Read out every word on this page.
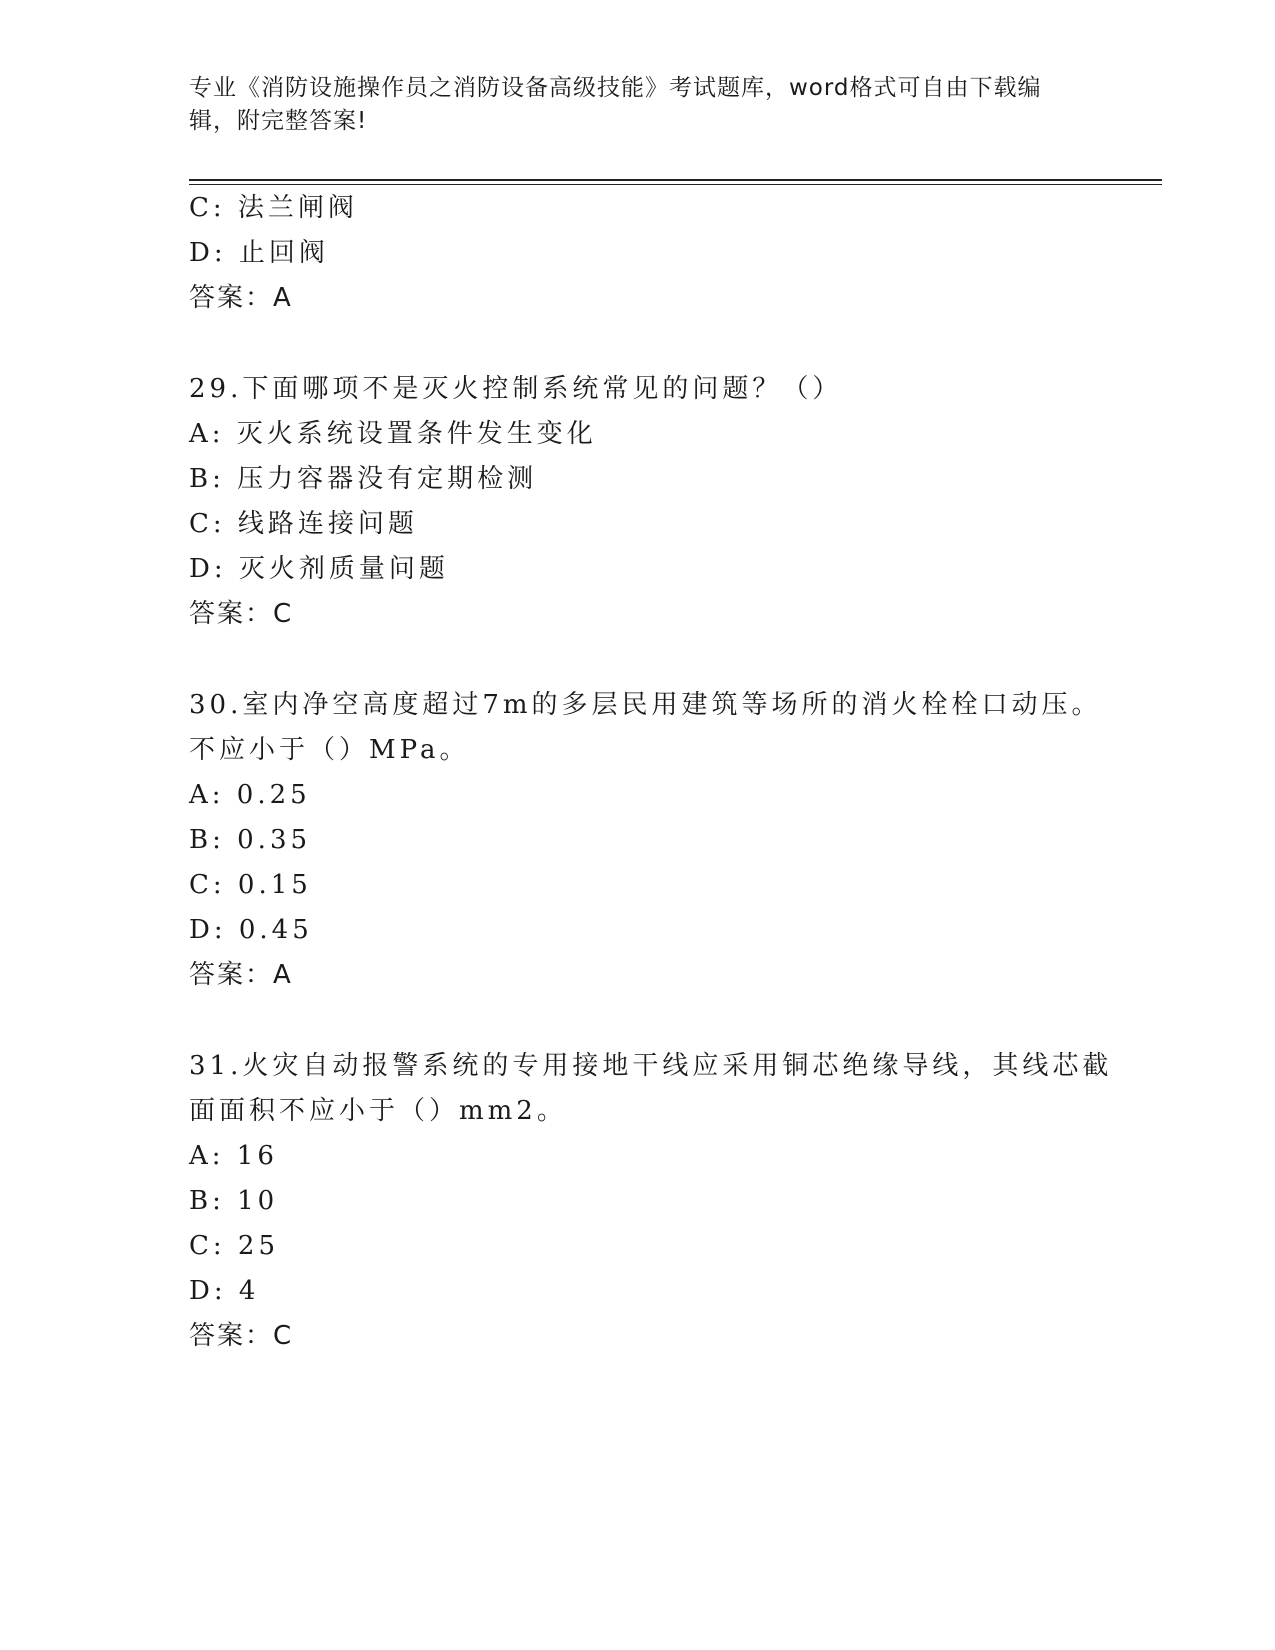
专业《消防设施操作员之消防设备高级技能》考试题库，word格式可自由下载编
辑，附完整答案!
C: 法兰闸阀
D: 止回阀
答案：A
29.下面哪项不是灭火控制系统常见的问题？（）
A: 灭火系统设置条件发生变化
B: 压力容器没有定期检测
C: 线路连接问题
D: 灭火剂质量问题
答案：C
30.室内净空高度超过7m的多层民用建筑等场所的消火栓栓口动压。
不应小于（）MPa。
A: 0.25
B: 0.35
C: 0.15
D: 0.45
答案：A
31.火灾自动报警系统的专用接地干线应采用铜芯绝缘导线，其线芯截
面面积不应小于（）mm2。
A: 16
B: 10
C: 25
D: 4
答案：C
